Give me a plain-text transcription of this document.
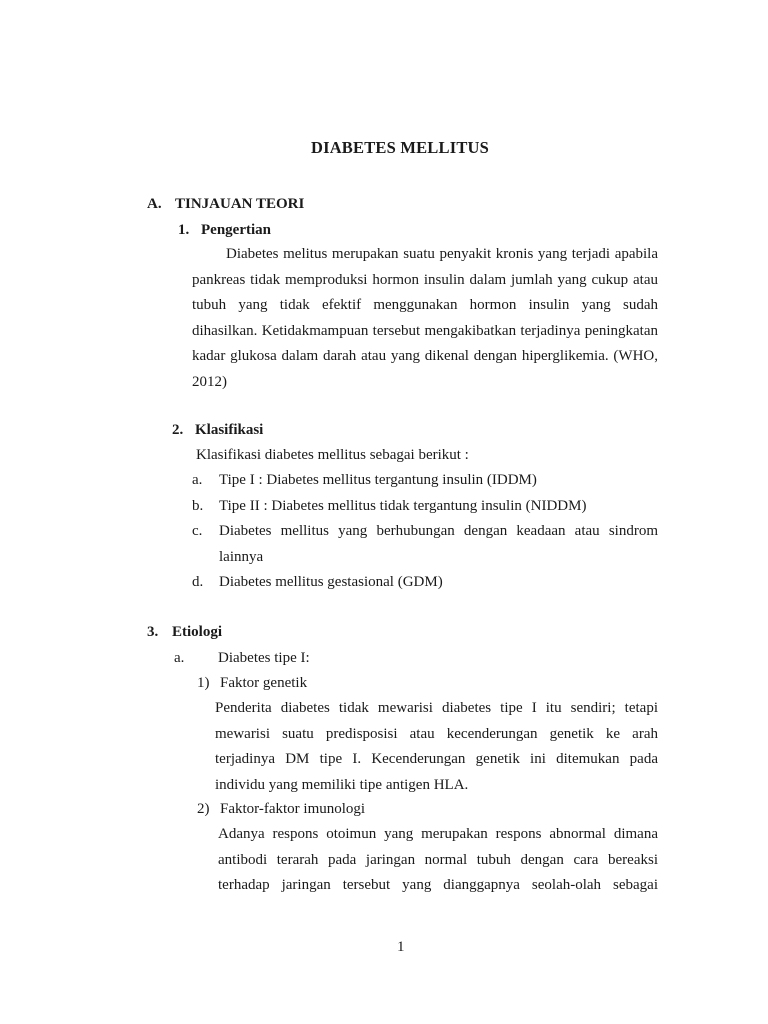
DIABETES MELLITUS
A. TINJAUAN TEORI
1. Pengertian
Diabetes melitus merupakan suatu penyakit kronis yang terjadi apabila pankreas tidak memproduksi hormon insulin dalam jumlah yang cukup atau tubuh yang tidak efektif menggunakan hormon insulin yang sudah dihasilkan. Ketidakmampuan tersebut mengakibatkan terjadinya peningkatan kadar glukosa dalam darah atau yang dikenal dengan hiperglikemia. (WHO, 2012)
2. Klasifikasi
Klasifikasi diabetes mellitus sebagai berikut :
a. Tipe I : Diabetes mellitus tergantung insulin (IDDM)
b. Tipe II : Diabetes mellitus tidak tergantung insulin (NIDDM)
c. Diabetes mellitus yang berhubungan dengan keadaan atau sindrom lainnya
d. Diabetes mellitus gestasional (GDM)
3. Etiologi
a. Diabetes tipe I:
1) Faktor genetik
Penderita diabetes tidak mewarisi diabetes tipe I itu sendiri; tetapi mewarisi suatu predisposisi atau kecenderungan genetik ke arah terjadinya DM tipe I. Kecenderungan genetik ini ditemukan pada individu yang memiliki tipe antigen HLA.
2) Faktor-faktor imunologi
Adanya respons otoimun yang merupakan respons abnormal dimana antibodi terarah pada jaringan normal tubuh dengan cara bereaksi terhadap jaringan tersebut yang dianggapnya seolah-olah sebagai
1
